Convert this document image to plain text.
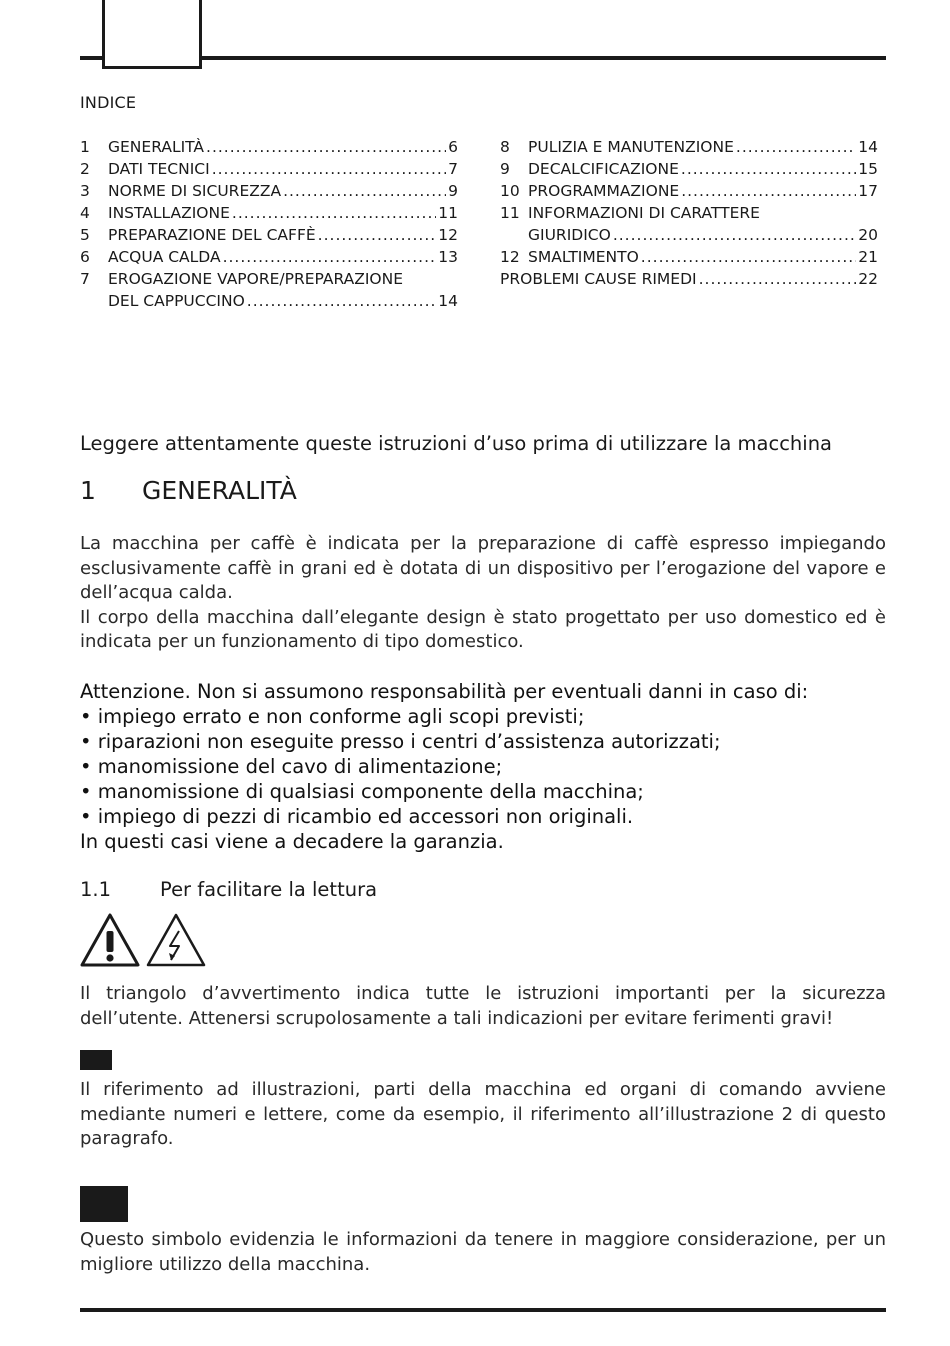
INDICE
1	GENERALITÀ .....	6
2	DATI TECNICI .....	7
3	NORME DI SICUREZZA .....	9
4	INSTALLAZIONE .....	11
5	PREPARAZIONE DEL CAFFÈ .....	12
6	ACQUA CALDA .....	13
7	EROGAZIONE VAPORE/PREPARAZIONE
DEL CAPPUCCINO .....	14
8	PULIZIA E MANUTENZIONE .....	14
9	DECALCIFICAZIONE .....	15
10 PROGRAMMAZIONE .....	17
11 INFORMAZIONI DI CARATTERE
GIURIDICO .....	20
12 SMALTIMENTO .....	21
PROBLEMI CAUSE RIMEDI .....	22
Leggere attentamente queste istruzioni d’uso prima di utilizzare la macchina
1 GENERALITÀ
La macchina per caffè è indicata per la preparazione di caffè espresso impiegando esclusivamente caffè in grani ed è dotata di un dispositivo per l’erogazione del vapore e dell’acqua calda.
Il corpo della macchina dall’elegante design è stato progettato per uso domestico ed è indicata per un funzionamento di tipo domestico.
Attenzione. Non si assumono responsabilità per eventuali danni in caso di:
• impiego errato e non conforme agli scopi previsti;
• riparazioni non eseguite presso i centri d’assistenza autorizzati;
• manomissione del cavo di alimentazione;
• manomissione di qualsiasi componente della macchina;
• impiego di pezzi di ricambio ed accessori non originali.
In questi casi viene a decadere la garanzia.
1.1	Per facilitare la lettura
Il triangolo d’avvertimento indica tutte le istruzioni importanti per la sicurezza dell’utente. Attenersi scrupolosamente a tali indicazioni per evitare ferimenti gravi!
Il riferimento ad illustrazioni, parti della macchina ed organi di comando avviene mediante numeri e lettere, come da esempio, il riferimento all’illustrazione 2 di questo paragrafo.
Questo simbolo evidenzia le informazioni da tenere in maggiore considerazione, per un migliore utilizzo della macchina.
